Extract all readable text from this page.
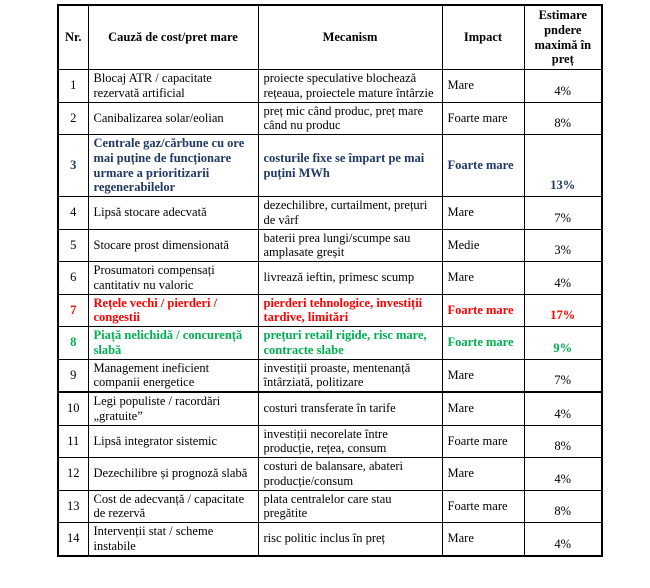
Nr.	Cauză de cost/pret mare	Mecanism	Impact	Estimare pndere maximă în preț
1	Blocaj ATR / capacitate rezervată artificial	proiecte speculative blochează rețeaua, proiectele mature întârzie	Mare	4%
2	Canibalizarea solar/eolian	preț mic când produc, preț mare când nu produc	Foarte mare	8%
3	Centrale gaz/cărbune cu ore mai puține de funcționare urmare a prioritizarii regenerabilelor	costurile fixe se împart pe mai puțini MWh	Foarte mare	13%
4	Lipsă stocare adecvată	dezechilibre, curtailment, prețuri de vârf	Mare	7%
5	Stocare prost dimensionată	baterii prea lungi/scumpe sau amplasate greșit	Medie	3%
6	Prosumatori compensați cantitativ nu valoric	livrează ieftin, primesc scump	Mare	4%
7	Rețele vechi / pierderi / congestii	pierderi tehnologice, investiții tardive, limitări	Foarte mare	17%
8	Piață nelichidă / concurență slabă	prețuri retail rigide, risc mare, contracte slabe	Foarte mare	9%
9	Management ineficient companii energetice	investiții proaste, mentenanță întârziată, politizare	Mare	7%
10	Legi populiste / racordări „gratuite”	costuri transferate în tarife	Mare	4%
11	Lipsă integrator sistemic	investiții necorelate între producție, rețea, consum	Foarte mare	8%
12	Dezechilibre și prognoză slabă	costuri de balansare, abateri producție/consum	Mare	4%
13	Cost de adecvanță / capacitate de rezervă	plata centralelor care stau pregătite	Foarte mare	8%
14	Intervenții stat / scheme instabile	risc politic inclus în preț	Mare	4%
